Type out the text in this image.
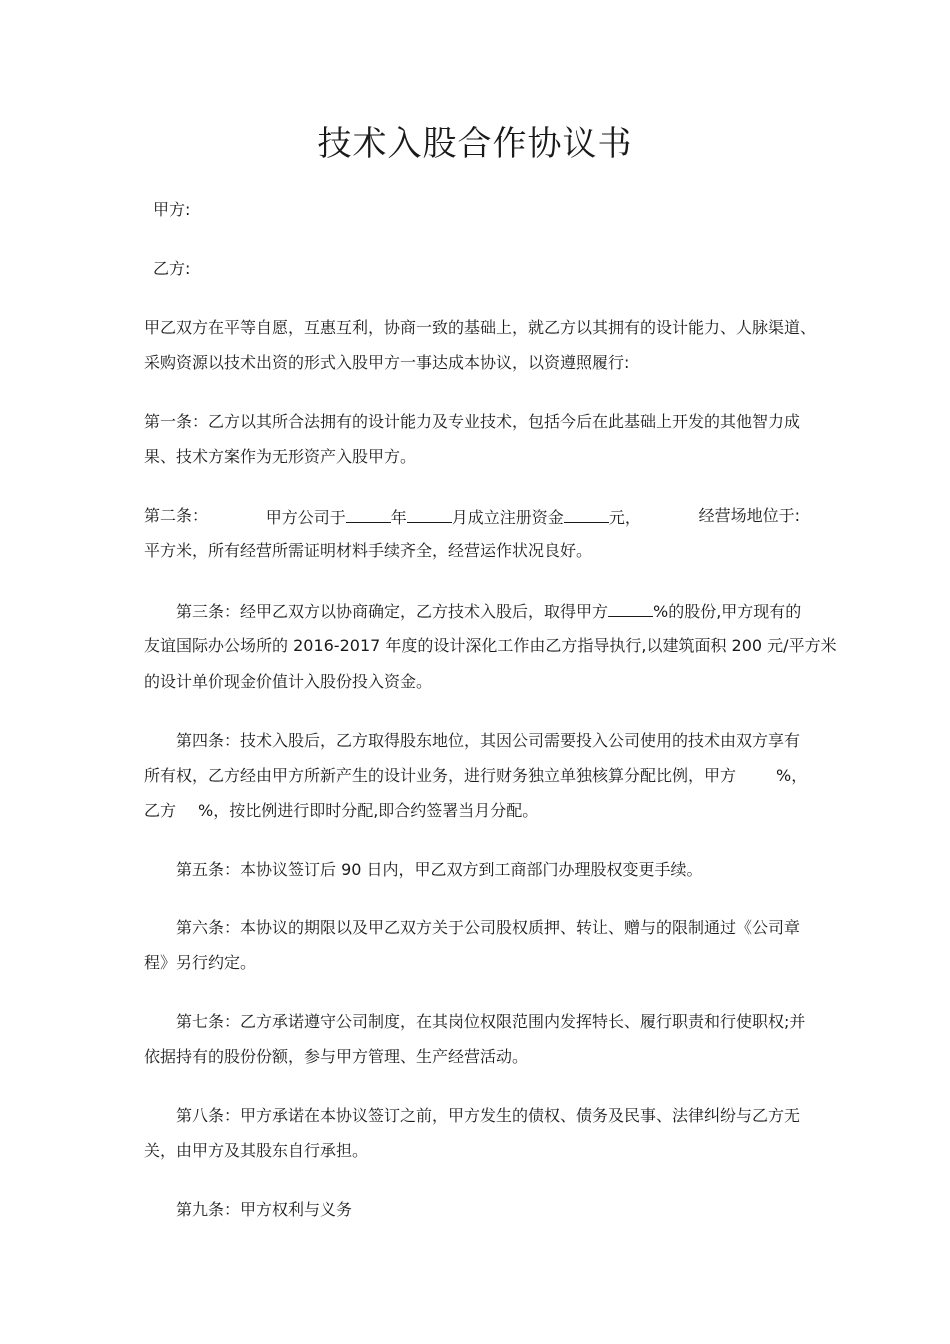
技术入股合作协议书

甲方:

乙方:

甲乙双方在平等自愿，互惠互利，协商一致的基础上，就乙方以其拥有的设计能力、人脉渠道、

采购资源以技术出资的形式入股甲方一事达成本协议，以资遵照履行:

第一条：乙方以其所合法拥有的设计能力及专业技术，包括今后在此基础上开发的其他智力成

果、技术方案作为无形资产入股甲方。

第二条：	甲方公司于	年	月成立注册资金	元，	经营场地位于:

平方米，所有经营所需证明材料手续齐全，经营运作状况良好。

第三条：经甲乙双方以协商确定，乙方技术入股后，取得甲方	%的股份,甲方现有的

友谊国际办公场所的 2016-2017 年度的设计深化工作由乙方指导执行,以建筑面积 200 元/平方米

的设计单价现金价值计入股份投入资金。

第四条：技术入股后，乙方取得股东地位，其因公司需要投入公司使用的技术由双方享有

所有权，乙方经由甲方所新产生的设计业务，进行财务独立单独核算分配比例，甲方	%，

乙方 %，按比例进行即时分配,即合约签署当月分配。

第五条：本协议签订后 90 日内，甲乙双方到工商部门办理股权变更手续。

第六条：本协议的期限以及甲乙双方关于公司股权质押、转让、赠与的限制通过《公司章

程》另行约定。

第七条：乙方承诺遵守公司制度，在其岗位权限范围内发挥特长、履行职责和行使职权;并

依据持有的股份份额，参与甲方管理、生产经营活动。

第八条：甲方承诺在本协议签订之前，甲方发生的债权、债务及民事、法律纠纷与乙方无

关，由甲方及其股东自行承担。

第九条：甲方权利与义务
